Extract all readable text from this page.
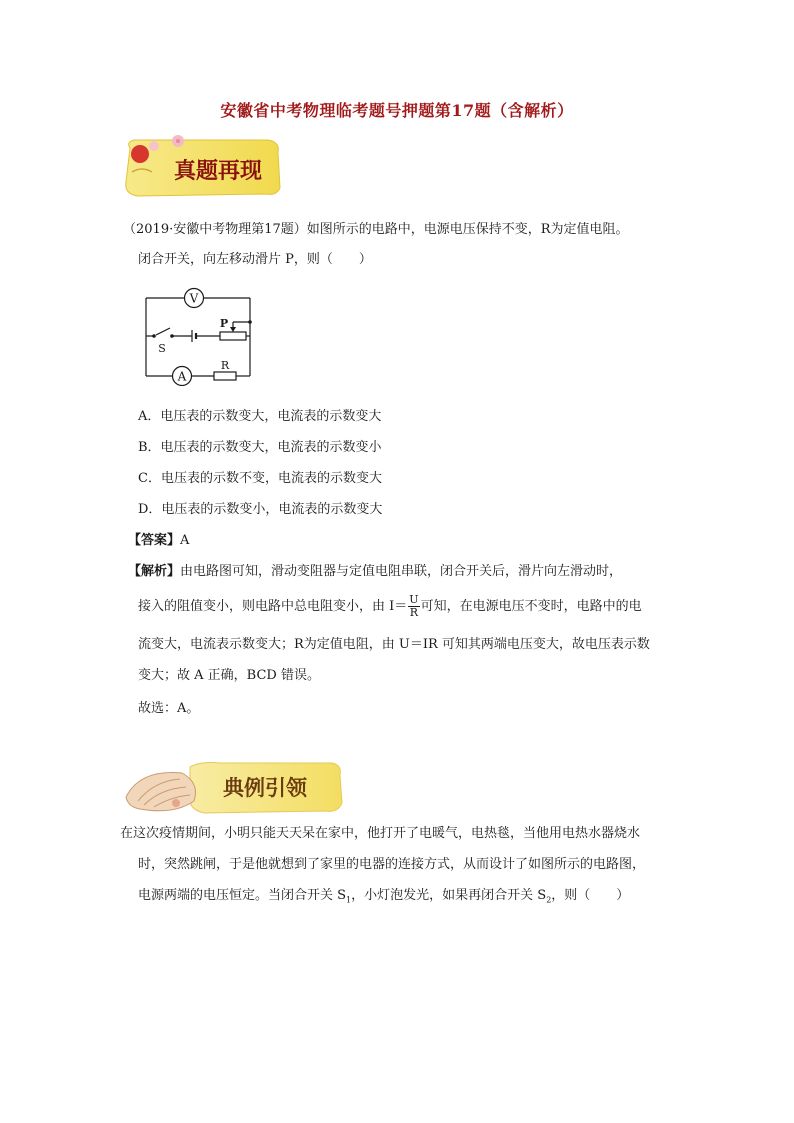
安徽省中考物理临考题号押题第17题（含解析）
真题再现
（2019·安徽中考物理第17题）如图所示的电路中，电源电压保持不变，R为定值电阻。
闭合开关，向左移动滑片 P，则（　　）
V
A
S
P
R
A．电压表的示数变大，电流表的示数变大
B．电压表的示数变大，电流表的示数变小
C．电压表的示数不变，电流表的示数变大
D．电压表的示数变小，电流表的示数变大
【答案】A
【解析】由电路图可知，滑动变阻器与定值电阻串联，闭合开关后，滑片向左滑动时，
接入的阻值变小，则电路中总电阻变小，由 $I= \frac{U}{R}$ 可知，在电源电压不变时，电路中的电
流变大，电流表示数变大；R为定值电阻，由 U＝IR 可知其两端电压变大，故电压表示数
变大；故 A 正确，BCD 错误。
故选：A。
典例引领
在这次疫情期间，小明只能天天呆在家中，他打开了电暖气，电热毯，当他用电热水器烧水
时，突然跳闸，于是他就想到了家里的电器的连接方式，从而设计了如图所示的电路图，
电源两端的电压恒定。当闭合开关 $S_1$，小灯泡发光，如果再闭合开关 $S_2$，则（　　）
